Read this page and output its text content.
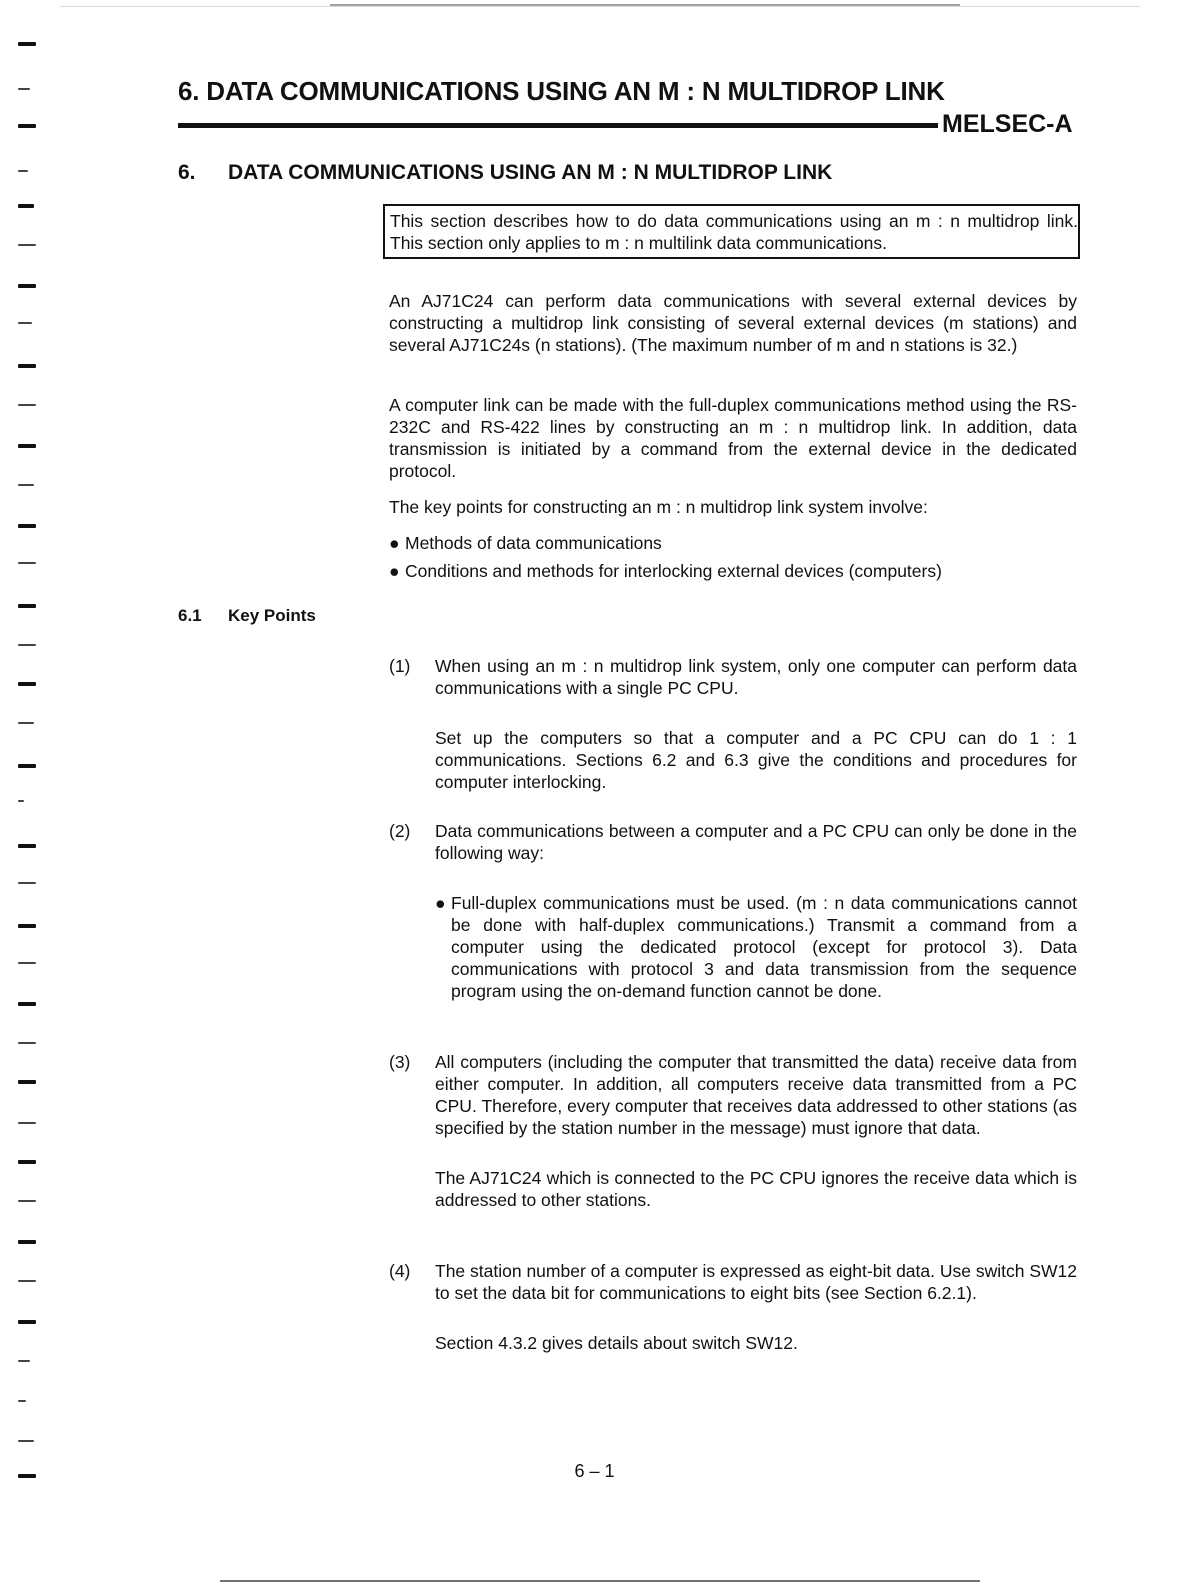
6. DATA COMMUNICATIONS USING AN M : N MULTIDROP LINK
MELSEC-A
6. DATA COMMUNICATIONS USING AN M : N MULTIDROP LINK
This section describes how to do data communications using an m : n multidrop link. This section only applies to m : n multilink data communications.

An AJ71C24 can perform data communications with several external devices by constructing a multidrop link consisting of several external devices (m stations) and several AJ71C24s (n stations). (The maximum number of m and n stations is 32.)

A computer link can be made with the full-duplex communications method using the RS-232C and RS-422 lines by constructing an m : n multidrop link. In addition, data transmission is initiated by a command from the external device in the dedicated protocol.

The key points for constructing an m : n multidrop link system involve:

● Methods of data communications
● Conditions and methods for interlocking external devices (computers)
6.1 Key Points
(1) When using an m : n multidrop link system, only one computer can perform data communications with a single PC CPU.
Set up the computers so that a computer and a PC CPU can do 1 : 1 communications. Sections 6.2 and 6.3 give the conditions and procedures for computer interlocking.
(2) Data communications between a computer and a PC CPU can only be done in the following way:
● Full-duplex communications must be used. (m : n data communications cannot be done with half-duplex communications.) Transmit a command from a computer using the dedicated protocol (except for protocol 3). Data communications with protocol 3 and data transmission from the sequence program using the on-demand function cannot be done.
(3) All computers (including the computer that transmitted the data) receive data from either computer. In addition, all computers receive data transmitted from a PC CPU. Therefore, every computer that receives data addressed to other stations (as specified by the station number in the message) must ignore that data.
The AJ71C24 which is connected to the PC CPU ignores the receive data which is addressed to other stations.
(4) The station number of a computer is expressed as eight-bit data. Use switch SW12 to set the data bit for communications to eight bits (see Section 6.2.1).
Section 4.3.2 gives details about switch SW12.

6 – 1
